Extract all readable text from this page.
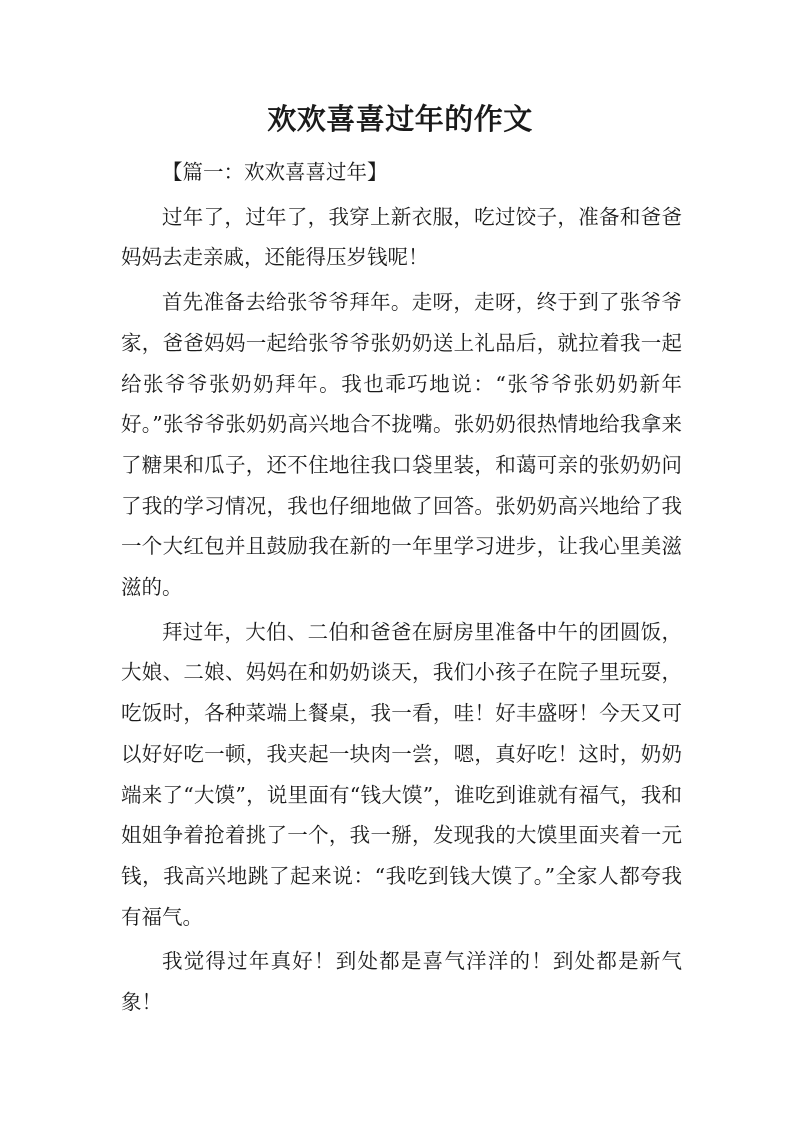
欢欢喜喜过年的作文

【篇一：欢欢喜喜过年】

过年了，过年了，我穿上新衣服，吃过饺子，准备和爸爸妈妈去走亲戚，还能得压岁钱呢！

首先准备去给张爷爷拜年。走呀，走呀，终于到了张爷爷家，爸爸妈妈一起给张爷爷张奶奶送上礼品后，就拉着我一起给张爷爷张奶奶拜年。我也乖巧地说：“张爷爷张奶奶新年好。”张爷爷张奶奶高兴地合不拢嘴。张奶奶很热情地给我拿来了糖果和瓜子，还不住地往我口袋里装，和蔼可亲的张奶奶问了我的学习情况，我也仔细地做了回答。张奶奶高兴地给了我一个大红包并且鼓励我在新的一年里学习进步，让我心里美滋滋的。

拜过年，大伯、二伯和爸爸在厨房里准备中午的团圆饭，大娘、二娘、妈妈在和奶奶谈天，我们小孩子在院子里玩耍，吃饭时，各种菜端上餐桌，我一看，哇！好丰盛呀！今天又可以好好吃一顿，我夹起一块肉一尝，嗯，真好吃！这时，奶奶端来了“大馍”，说里面有“钱大馍”，谁吃到谁就有福气，我和姐姐争着抢着挑了一个，我一掰，发现我的大馍里面夹着一元钱，我高兴地跳了起来说：“我吃到钱大馍了。”全家人都夸我有福气。

我觉得过年真好！到处都是喜气洋洋的！到处都是新气象！
